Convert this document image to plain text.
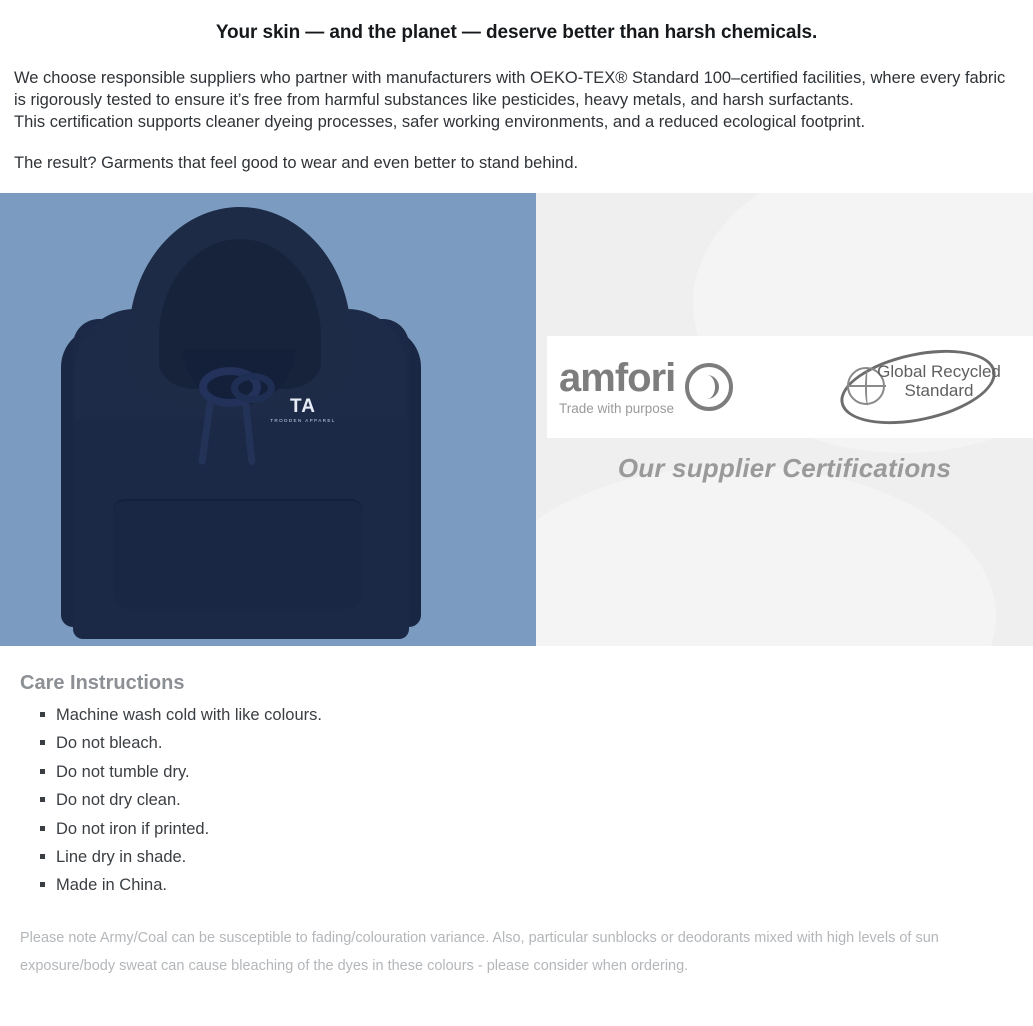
Your skin — and the planet — deserve better than harsh chemicals.

We choose responsible suppliers who partner with manufacturers with OEKO-TEX® Standard 100–certified facilities, where every fabric is rigorously tested to ensure it’s free from harmful substances like pesticides, heavy metals, and harsh surfactants.

This certification supports cleaner dyeing processes, safer working environments, and a reduced ecological footprint.

The result? Garments that feel good to wear and even better to stand behind.

TA
TRODDEN APPAREL
amfori
Trade with purpose
Global Recycled
Standard
Our supplier Certifications
Care Instructions
Machine wash cold with like colours.
Do not bleach.
Do not tumble dry.
Do not dry clean.
Do not iron if printed.
Line dry in shade.
Made in China.

Please note Army/Coal can be susceptible to fading/colouration variance. Also, particular sunblocks or deodorants mixed with high levels of sun exposure/body sweat can cause bleaching of the dyes in these colours - please consider when ordering.
